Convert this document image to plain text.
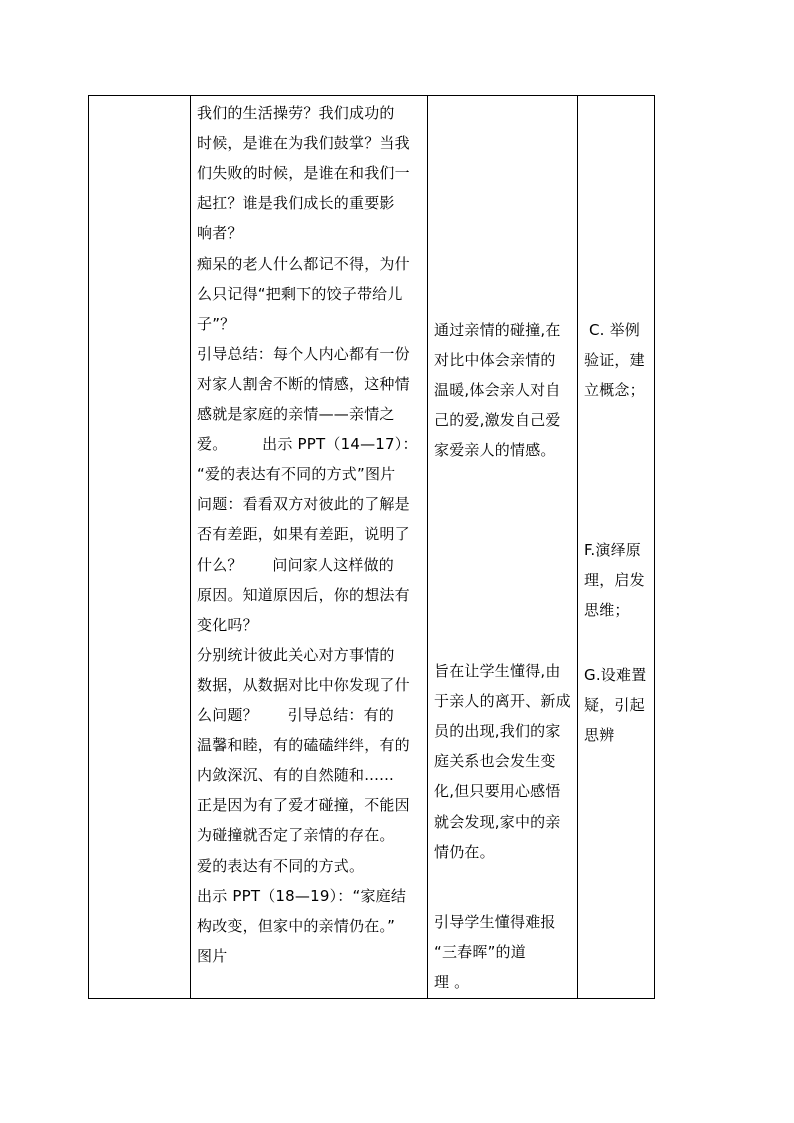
我们的生活操劳？我们成功的
时候，是谁在为我们鼓掌？当我
们失败的时候，是谁在和我们一
起扛？谁是我们成长的重要影
响者？
痴呆的老人什么都记不得，为什
么只记得“把剩下的饺子带给儿
子”？
引导总结：每个人内心都有一份
对家人割舍不断的情感，这种情
感就是家庭的亲情——亲情之
爱。       出示 PPT（14—17）：
“爱的表达有不同的方式”图片
问题：看看双方对彼此的了解是
否有差距，如果有差距，说明了
什么？      问问家人这样做的
原因。知道原因后，你的想法有
变化吗？
分别统计彼此关心对方事情的
数据，从数据对比中你发现了什
么问题？      引导总结：有的
温馨和睦，有的磕磕绊绊，有的
内敛深沉、有的自然随和......
正是因为有了爱才碰撞，不能因
为碰撞就否定了亲情的存在。
爱的表达有不同的方式。
出示 PPT（18—19）：“家庭结
构改变，但家中的亲情仍在。”
图片
通过亲情的碰撞,在
对比中体会亲情的
温暖,体会亲人对自
己的爱,激发自己爱
家爱亲人的情感。
旨在让学生懂得,由
于亲人的离开、新成
员的出现,我们的家
庭关系也会发生变
化,但只要用心感悟
就会发现,家中的亲
情仍在。
引导学生懂得难报
“三春晖”的道
理 。
C. 举例
验证，建
立概念；
F.演绎原
理，启发
思维；
G.设难置
疑，引起
思辨
